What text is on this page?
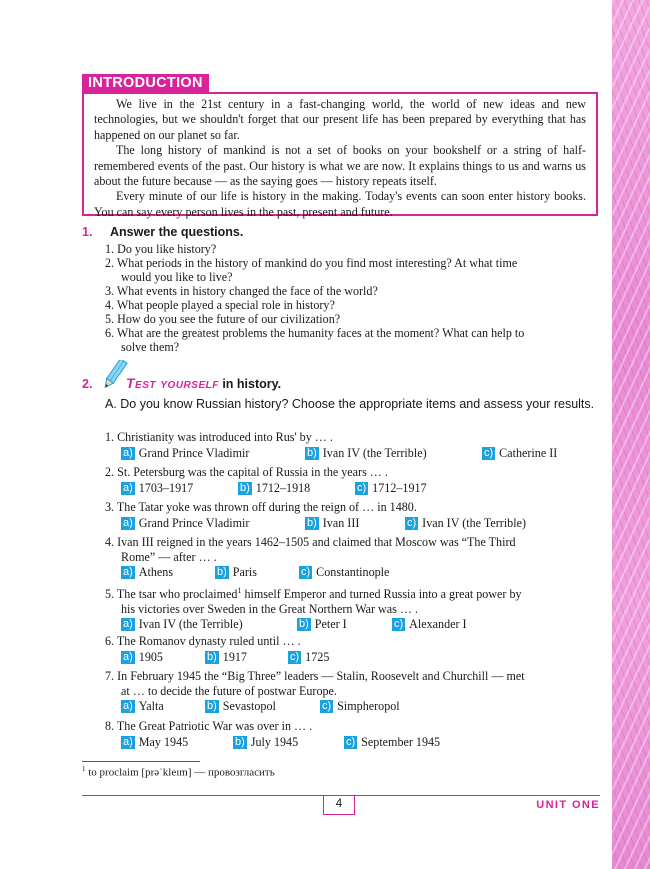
INTRODUCTION

We live in the 21st century in a fast-changing world, the world of new ideas and new technologies, but we shouldn't forget that our present life has been prepared by everything that has happened on our planet so far.

The long history of mankind is not a set of books on your bookshelf or a string of half-remembered events of the past. Our history is what we are now. It explains things to us and warns us about the future because — as the saying goes — history repeats itself.

Every minute of our life is history in the making. Today's events can soon enter history books. You can say every person lives in the past, present and future.

1. Answer the questions.
1. Do you like history?
2. What periods in the history of mankind do you find most interesting? At what time
would you like to live?
3. What events in history changed the face of the world?
4. What people played a special role in history?
5. How do you see the future of our civilization?
6. What are the greatest problems the humanity faces at the moment? What can help to
solve them?
2. Test yourself in history.
A. Do you know Russian history? Choose the appropriate items and assess your results.
1. Christianity was introduced into Rus' by … .
a) Grand Prince Vladimir	b) Ivan IV (the Terrible)	c) Catherine II
2. St. Petersburg was the capital of Russia in the years … .
a) 1703–1917	b) 1712–1918	c) 1712–1917
3. The Tatar yoke was thrown off during the reign of … in 1480.
a) Grand Prince Vladimir	b) Ivan III	c) Ivan IV (the Terrible)
4. Ivan III reigned in the years 1462–1505 and claimed that Moscow was “The Third
Rome” — after … .
a) Athens	b) Paris	c) Constantinople
5. The tsar who proclaimed$^1$ himself Emperor and turned Russia into a great power by
his victories over Sweden in the Great Northern War was … .
a) Ivan IV (the Terrible)	b) Peter I	c) Alexander I
6. The Romanov dynasty ruled until … .
a) 1905	b) 1917	c) 1725
7. In February 1945 the “Big Three” leaders — Stalin, Roosevelt and Churchill — met
at … to decide the future of postwar Europe.
a) Yalta	b) Sevastopol	c) Simpheropol
8. The Great Patriotic War was over in … .
a) May 1945	b) July 1945	c) September 1945
$^1$ to proclaim [prəˈkleɪm] — провозгласить
4	UNIT ONE
